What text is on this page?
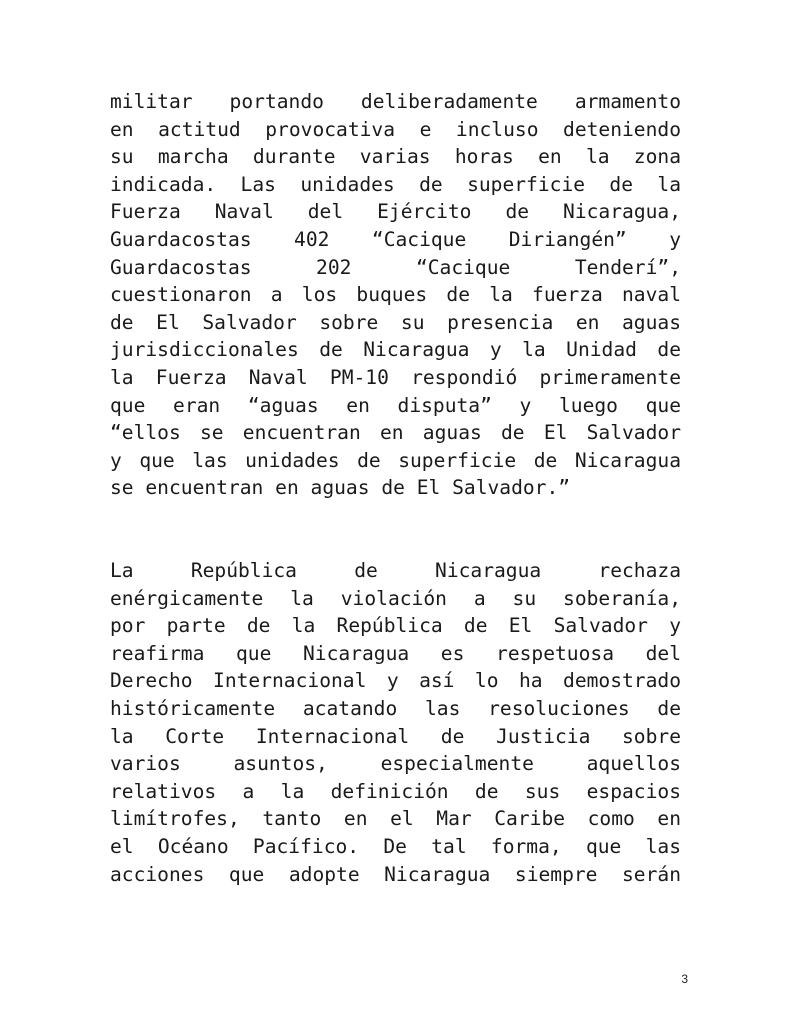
militar portando deliberadamente armamento
en actitud provocativa e incluso deteniendo
su marcha durante varias horas en la zona
indicada. Las unidades de superficie de la
Fuerza Naval del Ejército de Nicaragua,
Guardacostas 402 “Cacique Diriangén” y
Guardacostas 202 “Cacique Tenderí”,
cuestionaron a los buques de la fuerza naval
de El Salvador sobre su presencia en aguas
jurisdiccionales de Nicaragua y la Unidad de
la Fuerza Naval PM-10 respondió primeramente
que eran “aguas en disputa” y luego que
“ellos se encuentran en aguas de El Salvador
y que las unidades de superficie de Nicaragua
se encuentran en aguas de El Salvador.”
La República de Nicaragua rechaza
enérgicamente la violación a su soberanía,
por parte de la República de El Salvador y
reafirma que Nicaragua es respetuosa del
Derecho Internacional y así lo ha demostrado
históricamente acatando las resoluciones de
la Corte Internacional de Justicia sobre
varios asuntos, especialmente aquellos
relativos a la definición de sus espacios
limítrofes, tanto en el Mar Caribe como en
el Océano Pacífico. De tal forma, que las
acciones que adopte Nicaragua siempre serán
3
